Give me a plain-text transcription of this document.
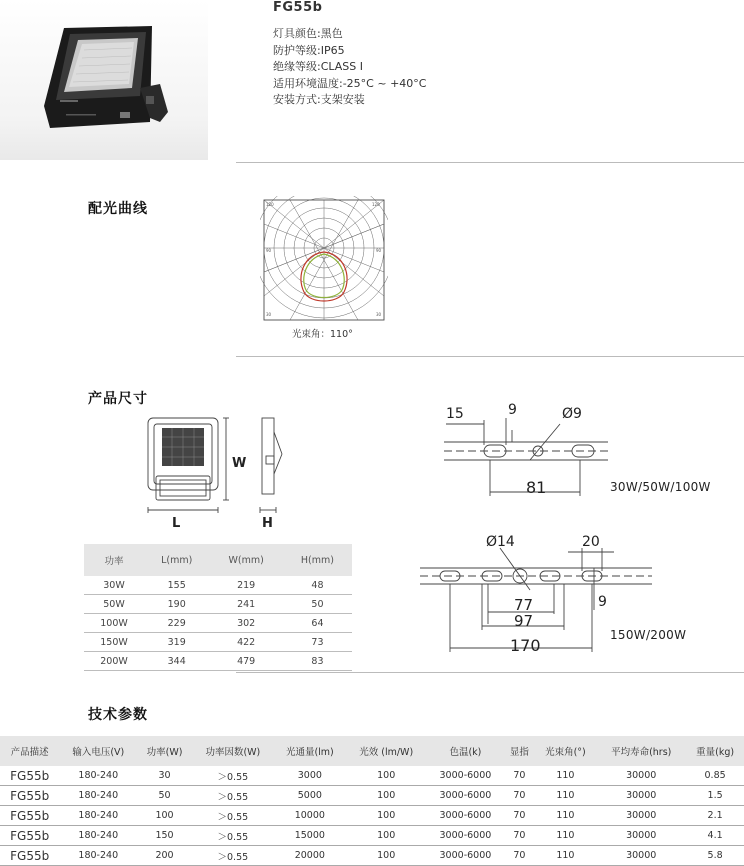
FG55b
灯具颜色:黑色
防护等级:IP65
绝缘等级:CLASS Ⅰ
适用环境温度:-25°C ~ +40°C
安装方式:支架安装
配光曲线	120	120
90	90
30	30
光束角：110°
产品尺寸
W
L	H
功率	L(mm)	W(mm)	H(mm)
30W	155	219	48
50W	190	241	50
100W	229	302	64
150W	319	422	73
200W	344	479	83
15	9	Ø9
81	30W/50W/100W
Ø14	20
77
97
9
170
150W/200W
技术参数
产品描述	输入电压(V)	功率(W)	功率因数(W)	光通量(lm)	光效 (lm/W)	色温(k)	显指	光束角(°)	平均寿命(hrs)	重量(kg)
FG55b	180-240	30	＞0.55	3000	100	3000-6000	70	110	30000	0.85
FG55b	180-240	50	＞0.55	5000	100	3000-6000	70	110	30000	1.5
FG55b	180-240	100	＞0.55	10000	100	3000-6000	70	110	30000	2.1
FG55b	180-240	150	＞0.55	15000	100	3000-6000	70	110	30000	4.1
FG55b	180-240	200	＞0.55	20000	100	3000-6000	70	110	30000	5.8
